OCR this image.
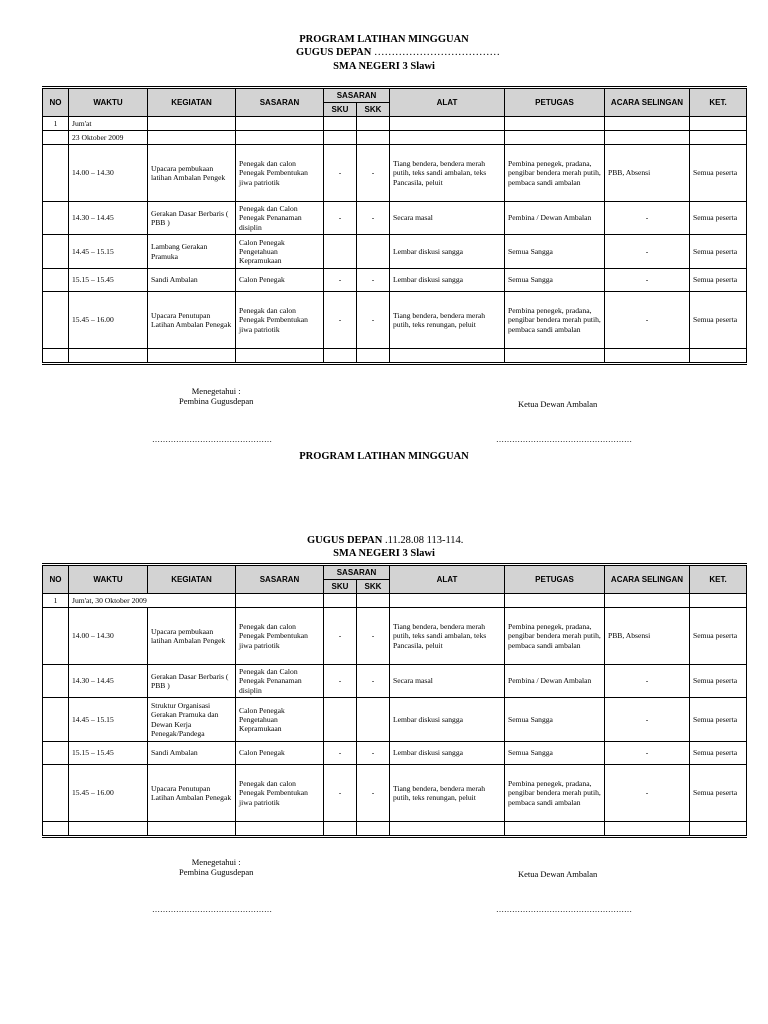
PROGRAM LATIHAN MINGGUAN
GUGUS DEPAN ………………………………
SMA NEGERI 3 Slawi
NO	WAKTU	KEGIATAN	SASARAN	SASARAN		ALAT	PETUGAS	ACARA SELINGAN	KET.
				SKU	SKK				
1	Jum'at								
	23 Oktober 2009								
	14.00 – 14.30	Upacara pembukaan latihan Ambalan Pengek	Penegak dan calon Penegak Pembentukan jiwa patriotik	-	-	Tiang bendera, bendera merah putih, teks sandi ambalan, teks Pancasila, peluit	Pembina penegek, pradana, pengibar bendera merah putih, pembaca sandi ambalan	PBB, Absensi	Semua peserta
	14.30 – 14.45	Gerakan Dasar Berbaris ( PBB )	Penegak dan Calon Penegak Penanaman disiplin	-	-	Secara masal	Pembina / Dewan Ambalan	-	Semua peserta
	14.45 – 15.15	Lambang Gerakan Pramuka	Calon Penegak Pengetahuan Kepramukaan			Lembar diskusi sangga	Semua Sangga	-	Semua peserta
	15.15 – 15.45	Sandi Ambalan	Calon Penegak	-	-	Lembar diskusi sangga	Semua Sangga	-	Semua peserta
	15.45 – 16.00	Upacara Penutupan Latihan Ambalan Penegak	Penegak dan calon Penegak Pembentukan jiwa patriotik	-	-	Tiang bendera, bendera merah putih, teks renungan, peluit	Pembina penegek, pradana, pengibar bendera merah putih, pembaca sandi ambalan	-	Semua peserta

Menegetahui :
Pembina Gugusdepan	Ketua Dewan Ambalan
………………………………………	……………………………………………
PROGRAM LATIHAN MINGGUAN
GUGUS DEPAN .11.28.08 113-114.
SMA NEGERI 3 Slawi
NO	WAKTU	KEGIATAN	SASARAN	SASARAN		ALAT	PETUGAS	ACARA SELINGAN	KET.
				SKU	SKK				
1	Jum'at, 30 Oktober 2009								
	14.00 – 14.30	Upacara pembukaan latihan Ambalan Pengek	Penegak dan calon Penegak Pembentukan jiwa patriotik	-	-	Tiang bendera, bendera merah putih, teks sandi ambalan, teks Pancasila, peluit	Pembina penegek, pradana, pengibar bendera merah putih, pembaca sandi ambalan	PBB, Absensi	Semua peserta
	14.30 – 14.45	Gerakan Dasar Berbaris ( PBB )	Penegak dan Calon Penegak Penanaman disiplin	-	-	Secara masal	Pembina / Dewan Ambalan	-	Semua peserta
	14.45 – 15.15	Struktur Organisasi Gerakan Pramuka dan Dewan Kerja Penegak/Pandega	Calon Penegak Pengetahuan Kepramukaan			Lembar diskusi sangga	Semua Sangga	-	Semua peserta
	15.15 – 15.45	Sandi Ambalan	Calon Penegak	-	-	Lembar diskusi sangga	Semua Sangga	-	Semua peserta
	15.45 – 16.00	Upacara Penutupan Latihan Ambalan Penegak	Penegak dan calon Penegak Pembentukan jiwa patriotik	-	-	Tiang bendera, bendera merah putih, teks renungan, peluit	Pembina penegek, pradana, pengibar bendera merah putih, pembaca sandi ambalan	-	Semua peserta

Menegetahui :
Pembina Gugusdepan	Ketua Dewan Ambalan
………………………………………	……………………………………………
